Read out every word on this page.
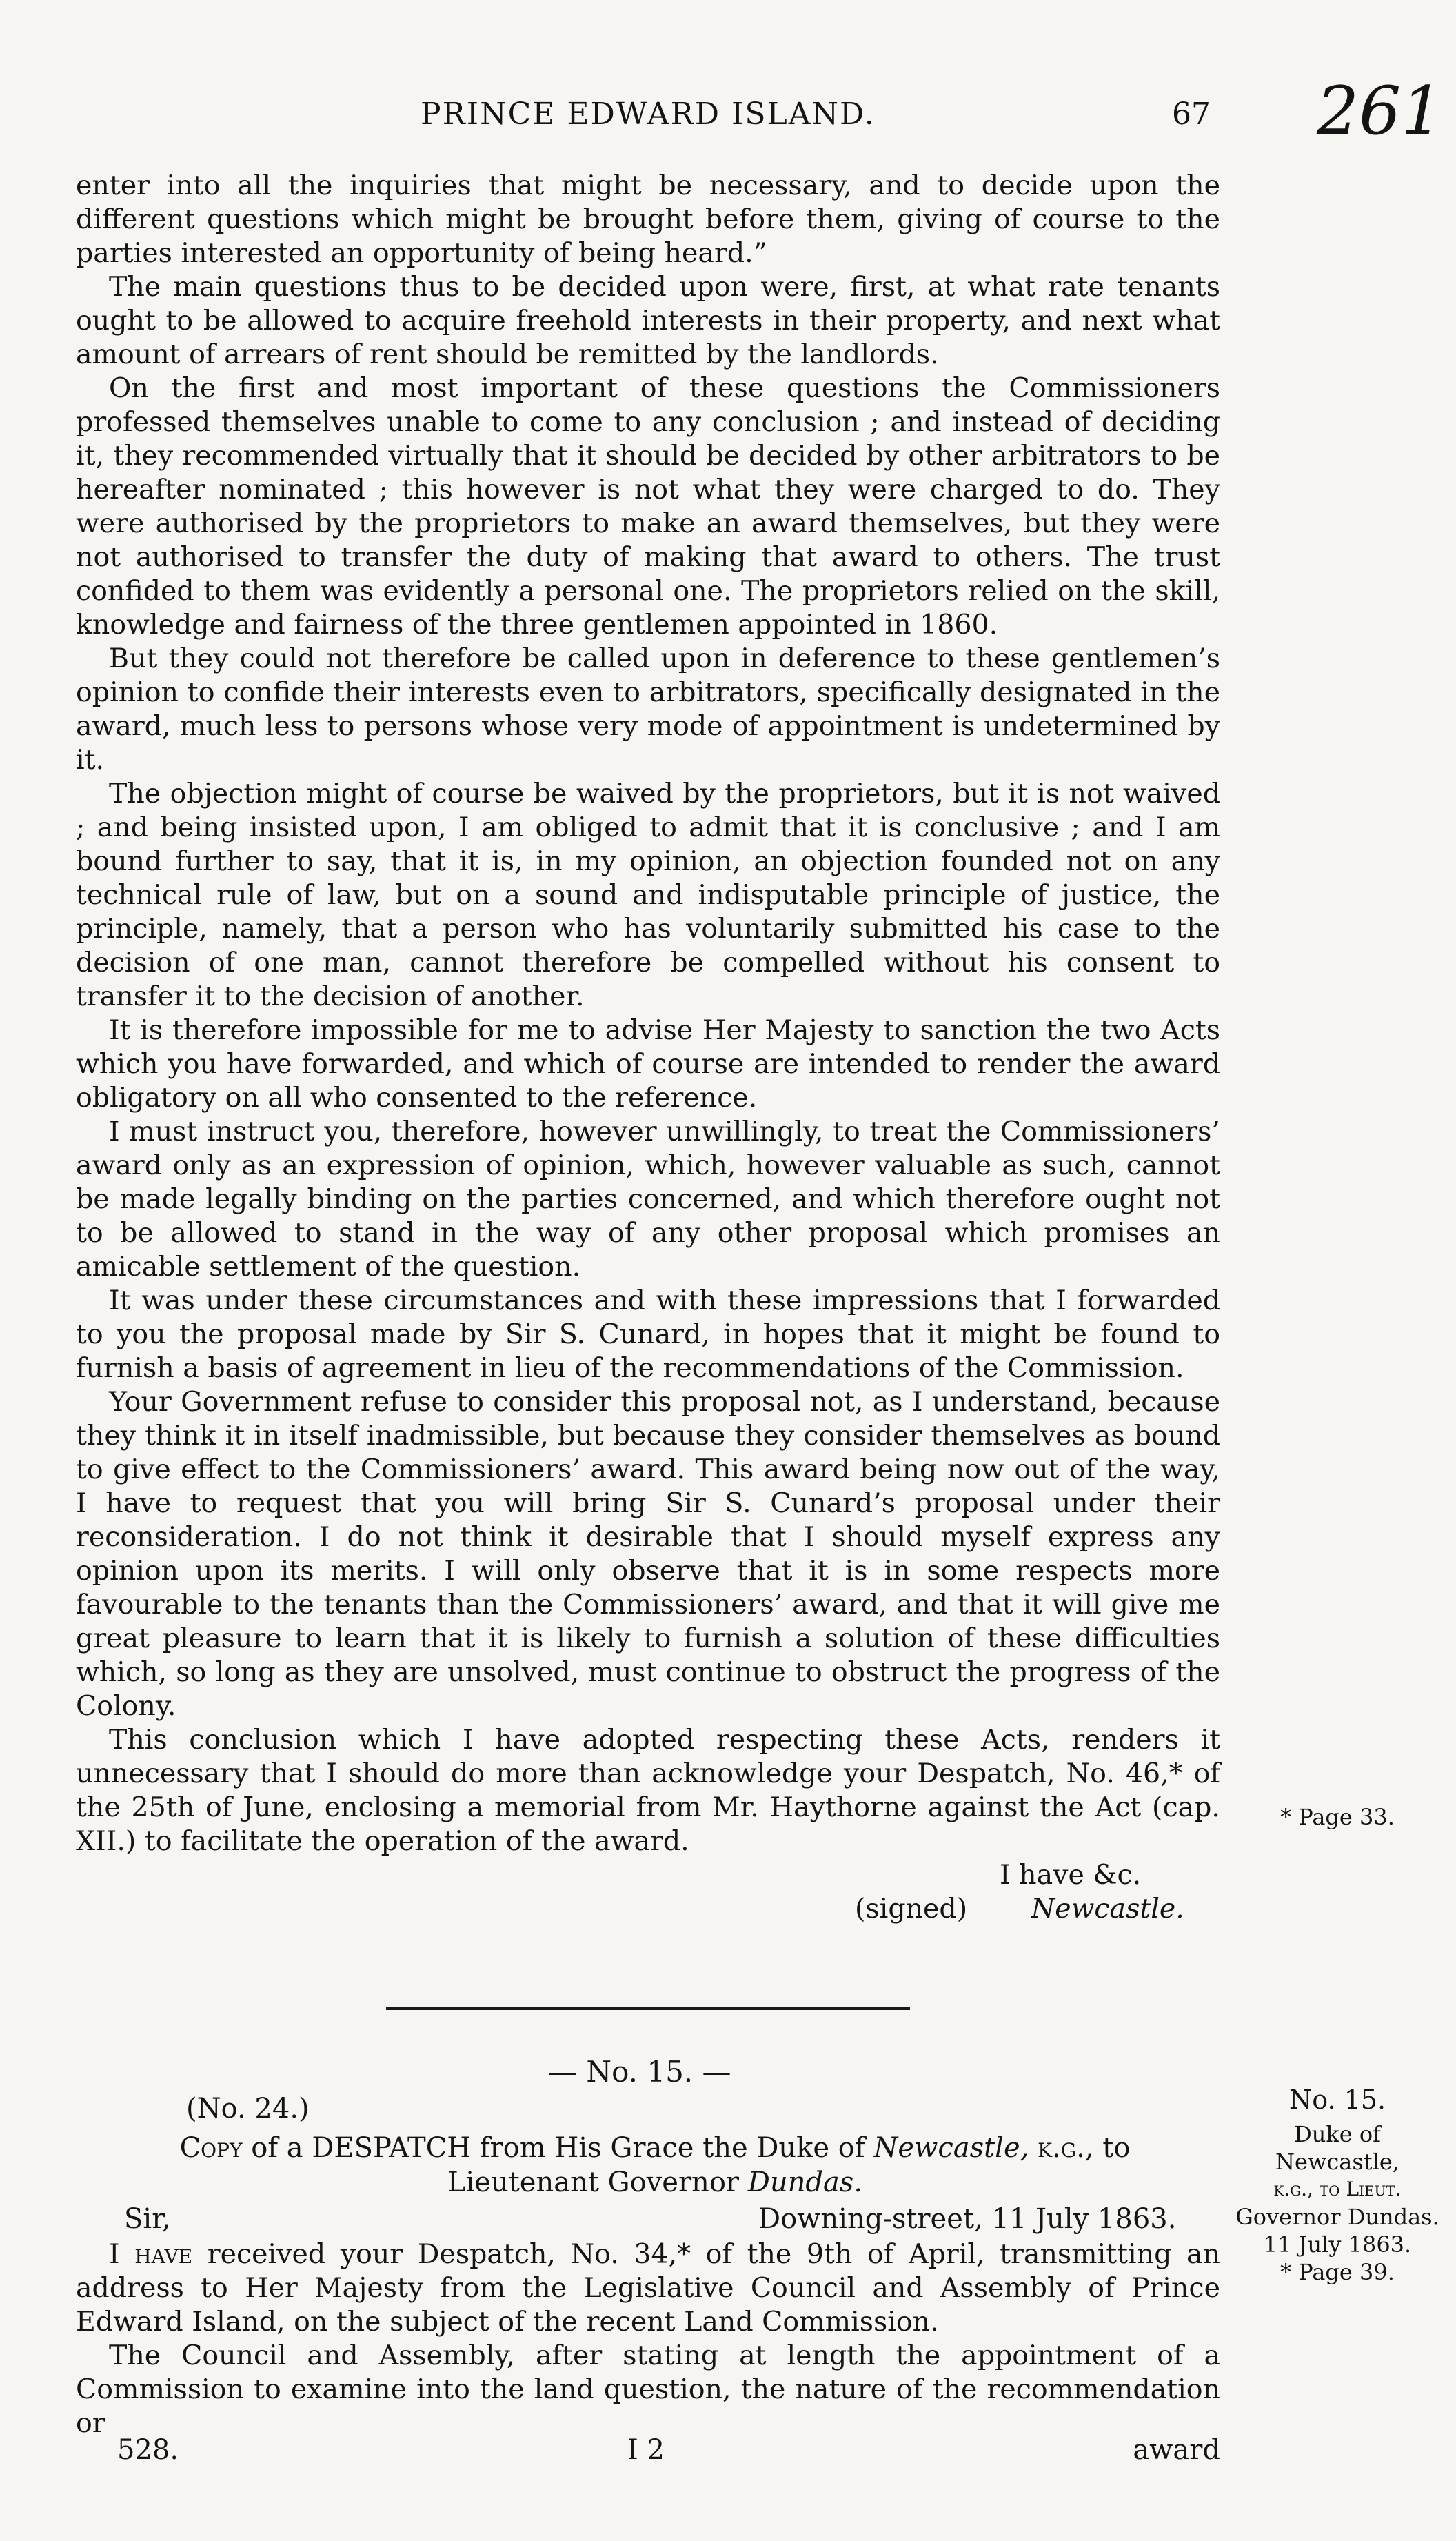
PRINCE EDWARD ISLAND.	67 261

enter into all the inquiries that might be necessary, and to decide upon the different questions which might be brought before them, giving of course to the parties interested an opportunity of being heard.”

The main questions thus to be decided upon were, first, at what rate tenants ought to be allowed to acquire freehold interests in their property, and next what amount of arrears of rent should be remitted by the landlords.

On the first and most important of these questions the Commissioners professed themselves unable to come to any conclusion ; and instead of deciding it, they recommended virtually that it should be decided by other arbitrators to be hereafter nominated ; this however is not what they were charged to do. They were authorised by the proprietors to make an award themselves, but they were not authorised to transfer the duty of making that award to others. The trust confided to them was evidently a personal one. The proprietors relied on the skill, knowledge and fairness of the three gentlemen appointed in 1860.

But they could not therefore be called upon in deference to these gentlemen’s opinion to confide their interests even to arbitrators, specifically designated in the award, much less to persons whose very mode of appointment is undetermined by it.

The objection might of course be waived by the proprietors, but it is not waived ; and being insisted upon, I am obliged to admit that it is conclusive ; and I am bound further to say, that it is, in my opinion, an objection founded not on any technical rule of law, but on a sound and indisputable principle of justice, the principle, namely, that a person who has voluntarily submitted his case to the decision of one man, cannot therefore be compelled without his consent to transfer it to the decision of another.

It is therefore impossible for me to advise Her Majesty to sanction the two Acts which you have forwarded, and which of course are intended to render the award obligatory on all who consented to the reference.

I must instruct you, therefore, however unwillingly, to treat the Commissioners’ award only as an expression of opinion, which, however valuable as such, cannot be made legally binding on the parties concerned, and which therefore ought not to be allowed to stand in the way of any other proposal which promises an amicable settlement of the question.

It was under these circumstances and with these impressions that I forwarded to you the proposal made by Sir S. Cunard, in hopes that it might be found to furnish a basis of agreement in lieu of the recommendations of the Commission.

Your Government refuse to consider this proposal not, as I understand, because they think it in itself inadmissible, but because they consider themselves as bound to give effect to the Commissioners’ award. This award being now out of the way, I have to request that you will bring Sir S. Cunard’s proposal under their reconsideration. I do not think it desirable that I should myself express any opinion upon its merits. I will only observe that it is in some respects more favourable to the tenants than the Commissioners’ award, and that it will give me great pleasure to learn that it is likely to furnish a solution of these difficulties which, so long as they are unsolved, must continue to obstruct the progress of the Colony.

This conclusion which I have adopted respecting these Acts, renders it unnecessary that I should do more than acknowledge your Despatch, No. 46,* of the 25th of June, enclosing a memorial from Mr. Haythorne against the Act (cap. XII.) to facilitate the operation of the award.

I have &c.
(signed) Newcastle.
— No. 15. —
(No. 24.)
Copy of a DESPATCH from His Grace the Duke of Newcastle, k.g., to
Lieutenant Governor Dundas.
Sir,	Downing-street, 11 July 1863.

I have received your Despatch, No. 34,* of the 9th of April, transmitting an address to Her Majesty from the Legislative Council and Assembly of Prince Edward Island, on the subject of the recent Land Commission.

The Council and Assembly, after stating at length the appointment of a Commission to examine into the land question, the nature of the recommendation or

528.	I 2	award
* Page 33.
No. 15.
Duke of Newcastle,
k.g., to Lieut.
Governor Dundas.
11 July 1863.
* Page 39.
